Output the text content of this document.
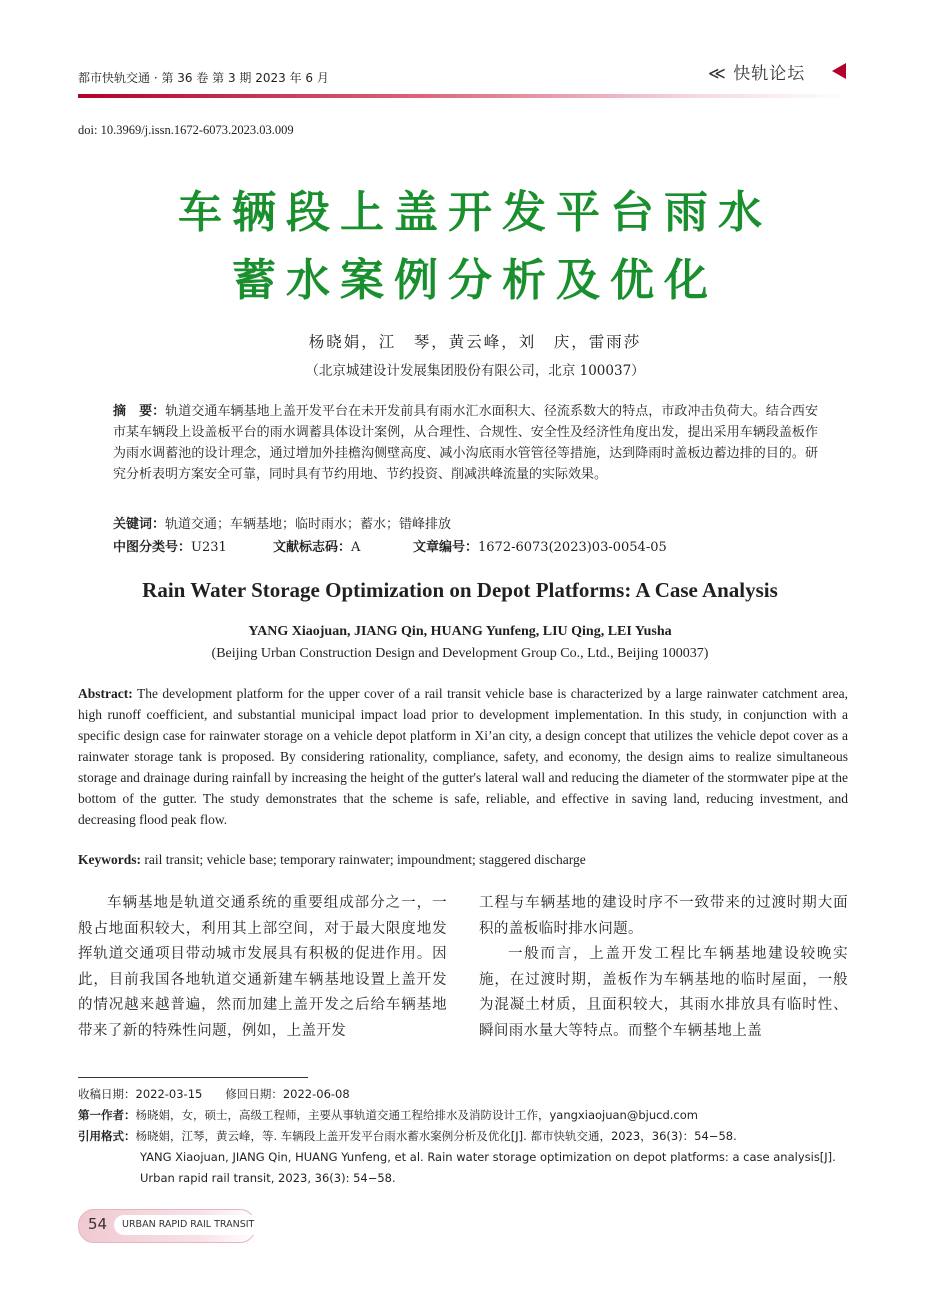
都市快轨交通 · 第 36 卷 第 3 期 2023 年 6 月	≪ 快轨论坛
doi: 10.3969/j.issn.1672-6073.2023.03.009
车辆段上盖开发平台雨水
蓄水案例分析及优化
杨晓娟，江　琴，黄云峰，刘　庆，雷雨莎
（北京城建设计发展集团股份有限公司，北京 100037）
摘　要：轨道交通车辆基地上盖开发平台在未开发前具有雨水汇水面积大、径流系数大的特点，市政冲击负荷大。结合西安市某车辆段上设盖板平台的雨水调蓄具体设计案例，从合理性、合规性、安全性及经济性角度出发，提出采用车辆段盖板作为雨水调蓄池的设计理念，通过增加外挂檐沟侧壁高度、减小沟底雨水管管径等措施，达到降雨时盖板边蓄边排的目的。研究分析表明方案安全可靠，同时具有节约用地、节约投资、削减洪峰流量的实际效果。
关键词：轨道交通；车辆基地；临时雨水；蓄水；错峰排放
中图分类号：U231	文献标志码：A	文章编号：1672-6073(2023)03-0054-05
Rain Water Storage Optimization on Depot Platforms: A Case Analysis
YANG Xiaojuan, JIANG Qin, HUANG Yunfeng, LIU Qing, LEI Yusha
(Beijing Urban Construction Design and Development Group Co., Ltd., Beijing 100037)
Abstract: The development platform for the upper cover of a rail transit vehicle base is characterized by a large rainwater catchment area, high runoff coefficient, and substantial municipal impact load prior to development implementation. In this study, in conjunction with a specific design case for rainwater storage on a vehicle depot platform in Xi’an city, a design concept that utilizes the vehicle depot cover as a rainwater storage tank is proposed. By considering rationality, compliance, safety, and economy, the design aims to realize simultaneous storage and drainage during rainfall by increasing the height of the gutter's lateral wall and reducing the diameter of the stormwater pipe at the bottom of the gutter. The study demonstrates that the scheme is safe, reliable, and effective in saving land, reducing investment, and decreasing flood peak flow.
Keywords: rail transit; vehicle base; temporary rainwater; impoundment; staggered discharge

车辆基地是轨道交通系统的重要组成部分之一，一般占地面积较大，利用其上部空间，对于最大限度地发挥轨道交通项目带动城市发展具有积极的促进作用。因此，目前我国各地轨道交通新建车辆基地设置上盖开发的情况越来越普遍，然而加建上盖开发之后给车辆基地带来了新的特殊性问题，例如，上盖开发

工程与车辆基地的建设时序不一致带来的过渡时期大面积的盖板临时排水问题。

一般而言，上盖开发工程比车辆基地建设较晚实施，在过渡时期，盖板作为车辆基地的临时屋面，一般为混凝土材质，且面积较大，其雨水排放具有临时性、瞬间雨水量大等特点。而整个车辆基地上盖

收稿日期：2022-03-15　　修回日期：2022-06-08
第一作者：杨晓娟，女，硕士，高级工程师，主要从事轨道交通工程给排水及消防设计工作，yangxiaojuan@bjucd.com
引用格式：杨晓娟，江琴，黄云峰，等. 车辆段上盖开发平台雨水蓄水案例分析及优化[J]. 都市快轨交通，2023，36(3)：54−58.
YANG Xiaojuan, JIANG Qin, HUANG Yunfeng, et al. Rain water storage optimization on depot platforms: a case analysis[J]. Urban rapid rail transit, 2023, 36(3): 54−58.
54	URBAN RAPID RAIL TRANSIT
